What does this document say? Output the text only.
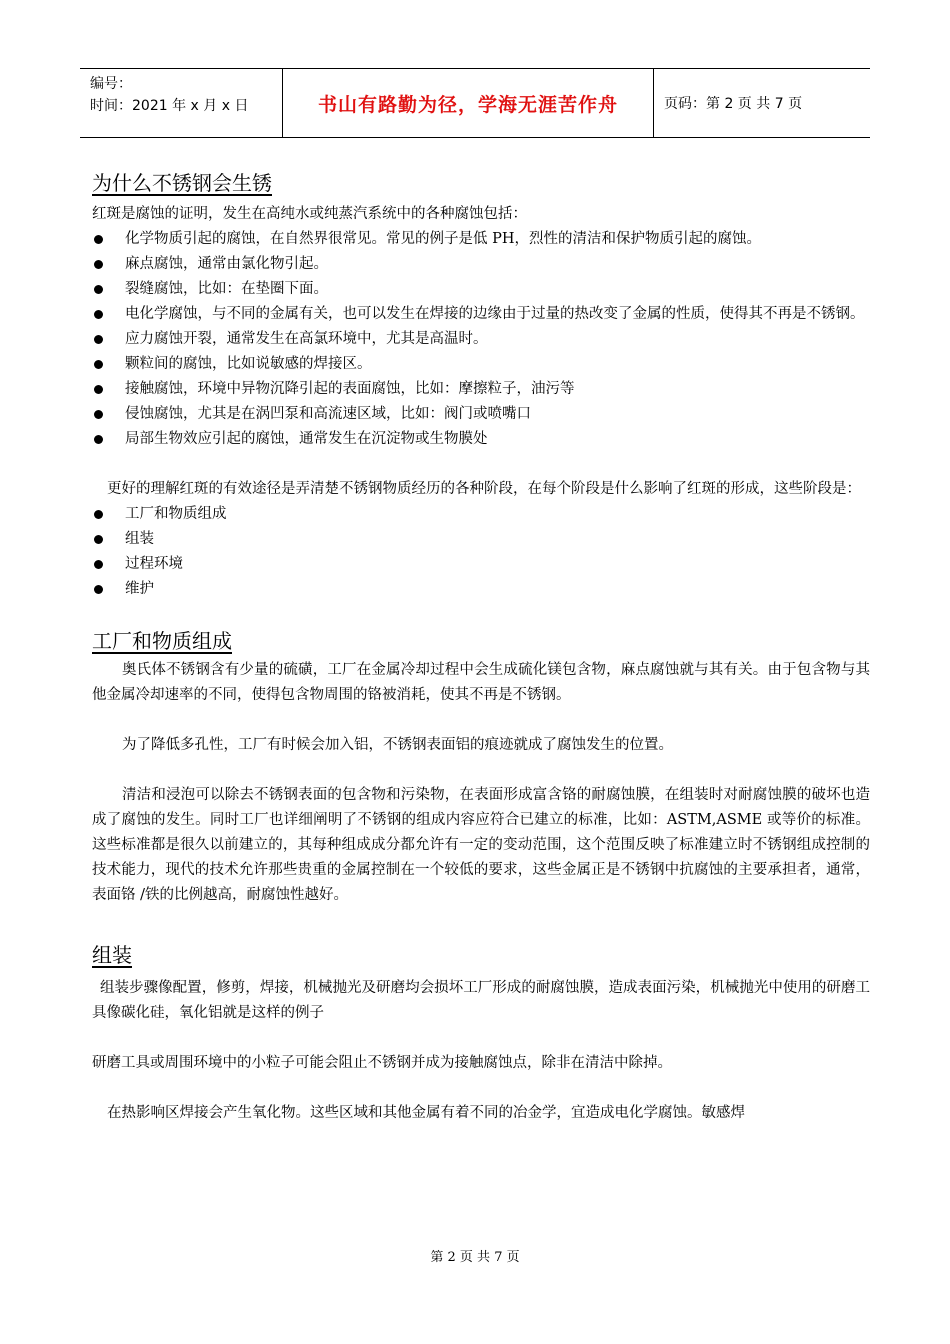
编号：
时间：2021 年 x 月 x 日	书山有路勤为径，学海无涯苦作舟	页码：第 2 页 共 7 页
为什么不锈钢会生锈

红斑是腐蚀的证明，发生在高纯水或纯蒸汽系统中的各种腐蚀包括：

化学物质引起的腐蚀，在自然界很常见。常见的例子是低 PH，烈性的清洁和保护物质引起的腐蚀。
麻点腐蚀，通常由氯化物引起。
裂缝腐蚀，比如：在垫圈下面。
电化学腐蚀，与不同的金属有关，也可以发生在焊接的边缘由于过量的热改变了金属的性质，使得其不再是不锈钢。
应力腐蚀开裂，通常发生在高氯环境中，尤其是高温时。
颗粒间的腐蚀，比如说敏感的焊接区。
接触腐蚀，环境中异物沉降引起的表面腐蚀，比如：摩擦粒子，油污等
侵蚀腐蚀，尤其是在涡凹泵和高流速区域，比如：阀门或喷嘴口
局部生物效应引起的腐蚀，通常发生在沉淀物或生物膜处

更好的理解红斑的有效途径是弄清楚不锈钢物质经历的各种阶段，在每个阶段是什么影响了红斑的形成，这些阶段是：

工厂和物质组成
组装
过程环境
维护
工厂和物质组成

奥氏体不锈钢含有少量的硫磺，工厂在金属冷却过程中会生成硫化镁包含物，麻点腐蚀就与其有关。由于包含物与其他金属冷却速率的不同，使得包含物周围的铬被消耗，使其不再是不锈钢。

为了降低多孔性，工厂有时候会加入铝，不锈钢表面铝的痕迹就成了腐蚀发生的位置。

清洁和浸泡可以除去不锈钢表面的包含物和污染物，在表面形成富含铬的耐腐蚀膜，在组装时对耐腐蚀膜的破坏也造成了腐蚀的发生。同时工厂也详细阐明了不锈钢的组成内容应符合已建立的标准，比如：ASTM,ASME 或等价的标准。这些标准都是很久以前建立的，其每种组成成分都允许有一定的变动范围，这个范围反映了标准建立时不锈钢组成控制的技术能力，现代的技术允许那些贵重的金属控制在一个较低的要求，这些金属正是不锈钢中抗腐蚀的主要承担者，通常，表面铬 /铁的比例越高，耐腐蚀性越好。

组装

组装步骤像配置，修剪，焊接，机械抛光及研磨均会损坏工厂形成的耐腐蚀膜，造成表面污染，机械抛光中使用的研磨工具像碳化硅，氧化铝就是这样的例子

研磨工具或周围环境中的小粒子可能会阻止不锈钢并成为接触腐蚀点，除非在清洁中除掉。

在热影响区焊接会产生氧化物。这些区域和其他金属有着不同的冶金学，宜造成电化学腐蚀。敏感焊

第 2 页 共 7 页
